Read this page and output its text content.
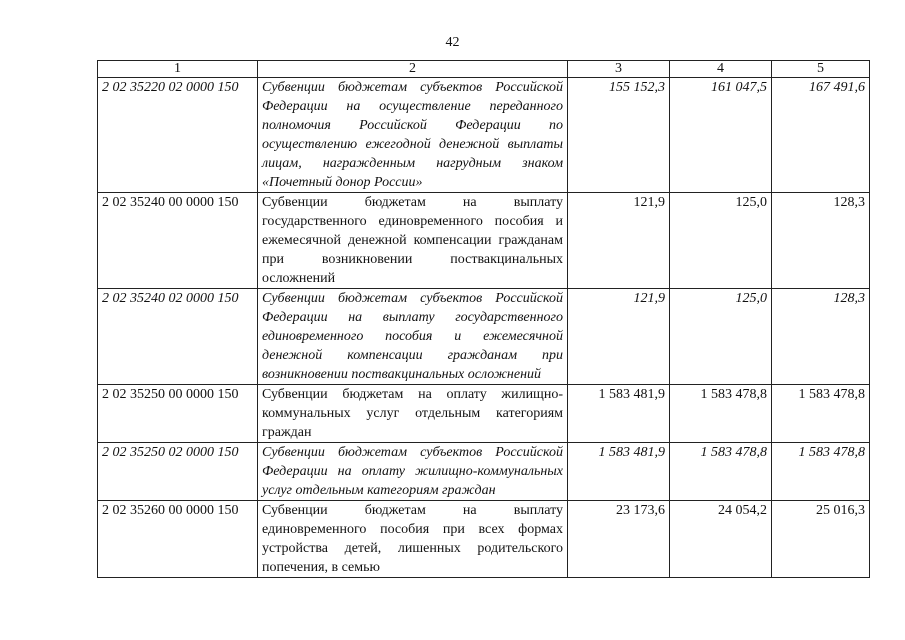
42
1	2	3	4	5
2 02 35220 02 0000 150	Субвенции бюджетам субъектов Российской Федерации на осуществление переданного полномочия Российской Федерации по осуществлению ежегодной денежной выплаты лицам, награжденным нагрудным знаком «Почетный донор России»	155 152,3	161 047,5	167 491,6
2 02 35240 00 0000 150	Субвенции бюджетам на выплату государственного единовременного пособия и ежемесячной денежной компенсации гражданам при возникновении поствакцинальных осложнений	121,9	125,0	128,3
2 02 35240 02 0000 150	Субвенции бюджетам субъектов Российской Федерации на выплату государственного единовременного пособия и ежемесячной денежной компенсации гражданам при возникновении поствакцинальных осложнений	121,9	125,0	128,3
2 02 35250 00 0000 150	Субвенции бюджетам на оплату жилищно-коммунальных услуг отдельным категориям граждан	1 583 481,9	1 583 478,8	1 583 478,8
2 02 35250 02 0000 150	Субвенции бюджетам субъектов Российской Федерации на оплату жилищно-коммунальных услуг отдельным категориям граждан	1 583 481,9	1 583 478,8	1 583 478,8
2 02 35260 00 0000 150	Субвенции бюджетам на выплату единовременного пособия при всех формах устройства детей, лишенных родительского попечения, в семью	23 173,6	24 054,2	25 016,3
